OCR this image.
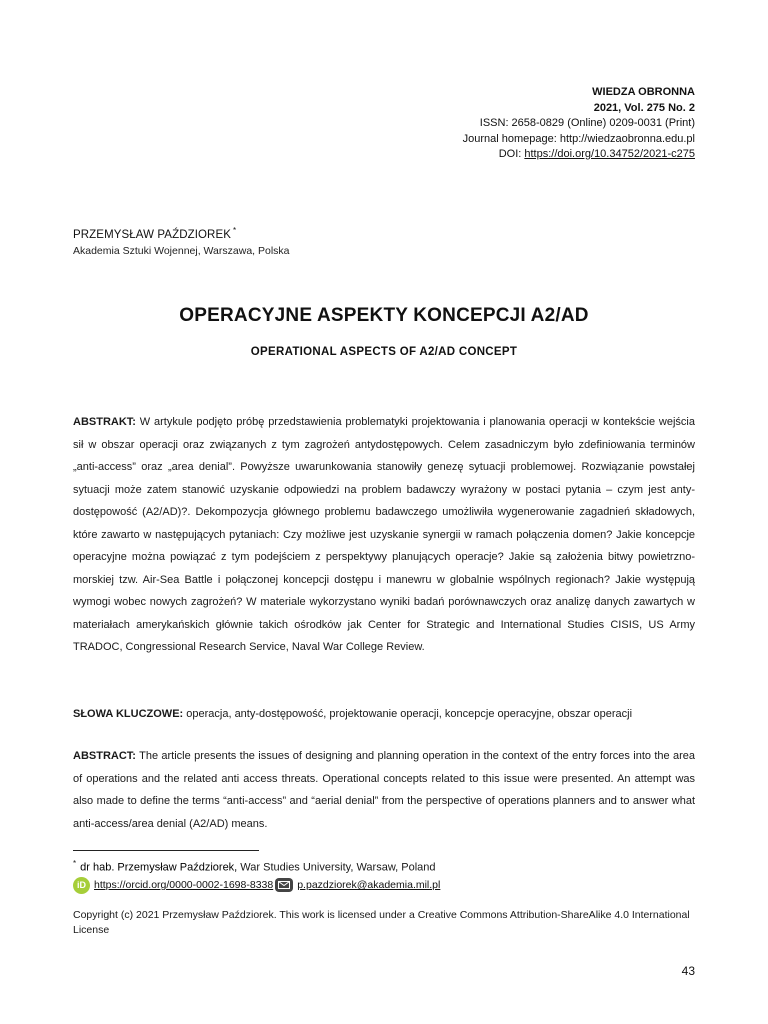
WIEDZA OBRONNA
2021, Vol. 275 No. 2
ISSN: 2658-0829 (Online) 0209-0031 (Print)
Journal homepage: http://wiedzaobronna.edu.pl
DOI: https://doi.org/10.34752/2021-c275
PRZEMYSŁAW PAŹDZIOREK *
Akademia Sztuki Wojennej, Warszawa, Polska
OPERACYJNE ASPEKTY KONCEPCJI A2/AD
OPERATIONAL ASPECTS OF A2/AD CONCEPT
ABSTRAKT: W artykule podjęto próbę przedstawienia problematyki projektowania i planowania operacji w kontekście wejścia sił w obszar operacji oraz związanych z tym zagrożeń antydostępowych. Celem zasadniczym było zdefiniowania terminów „anti-access” oraz „area denial”. Powyższe uwarunkowania stanowiły genezę sytuacji problemowej. Rozwiązanie powstałej sytuacji może zatem stanowić uzyskanie odpowiedzi na problem badawczy wyrażony w postaci pytania – czym jest anty-dostępowość (A2/AD)?. Dekompozycja głównego problemu badawczego umożliwiła wygenerowanie zagadnień składowych, które zawarto w następujących pytaniach: Czy możliwe jest uzyskanie synergii w ramach połączenia domen? Jakie koncepcje operacyjne można powiązać z tym podejściem z perspektywy planujących operacje? Jakie są założenia bitwy powietrzno-morskiej tzw. Air-Sea Battle i połączonej koncepcji dostępu i manewru w globalnie wspólnych regionach? Jakie występują wymogi wobec nowych zagrożeń? W materiale wykorzystano wyniki badań porównawczych oraz analizę danych zawartych w materiałach amerykańskich głównie takich ośrodków jak Center for Strategic and International Studies CISIS, US Army TRADOC, Congressional Research Service, Naval War College Review.
SŁOWA KLUCZOWE: operacja, anty-dostępowość, projektowanie operacji, koncepcje operacyjne, obszar operacji
ABSTRACT: The article presents the issues of designing and planning operation in the context of the entry forces into the area of operations and the related anti access threats. Operational concepts related to this issue were presented. An attempt was also made to define the terms “anti-access” and “aerial denial” from the perspective of operations planners and to answer what anti-access/area denial (A2/AD) means.
* dr hab. Przemysław Paździorek, War Studies University, Warsaw, Poland
iD https://orcid.org/0000-0002-1698-8338 p.pazdziorek@akademia.mil.pl
Copyright (c) 2021 Przemysław Paździorek. This work is licensed under a Creative Commons Attribution-ShareAlike 4.0 International License
43
